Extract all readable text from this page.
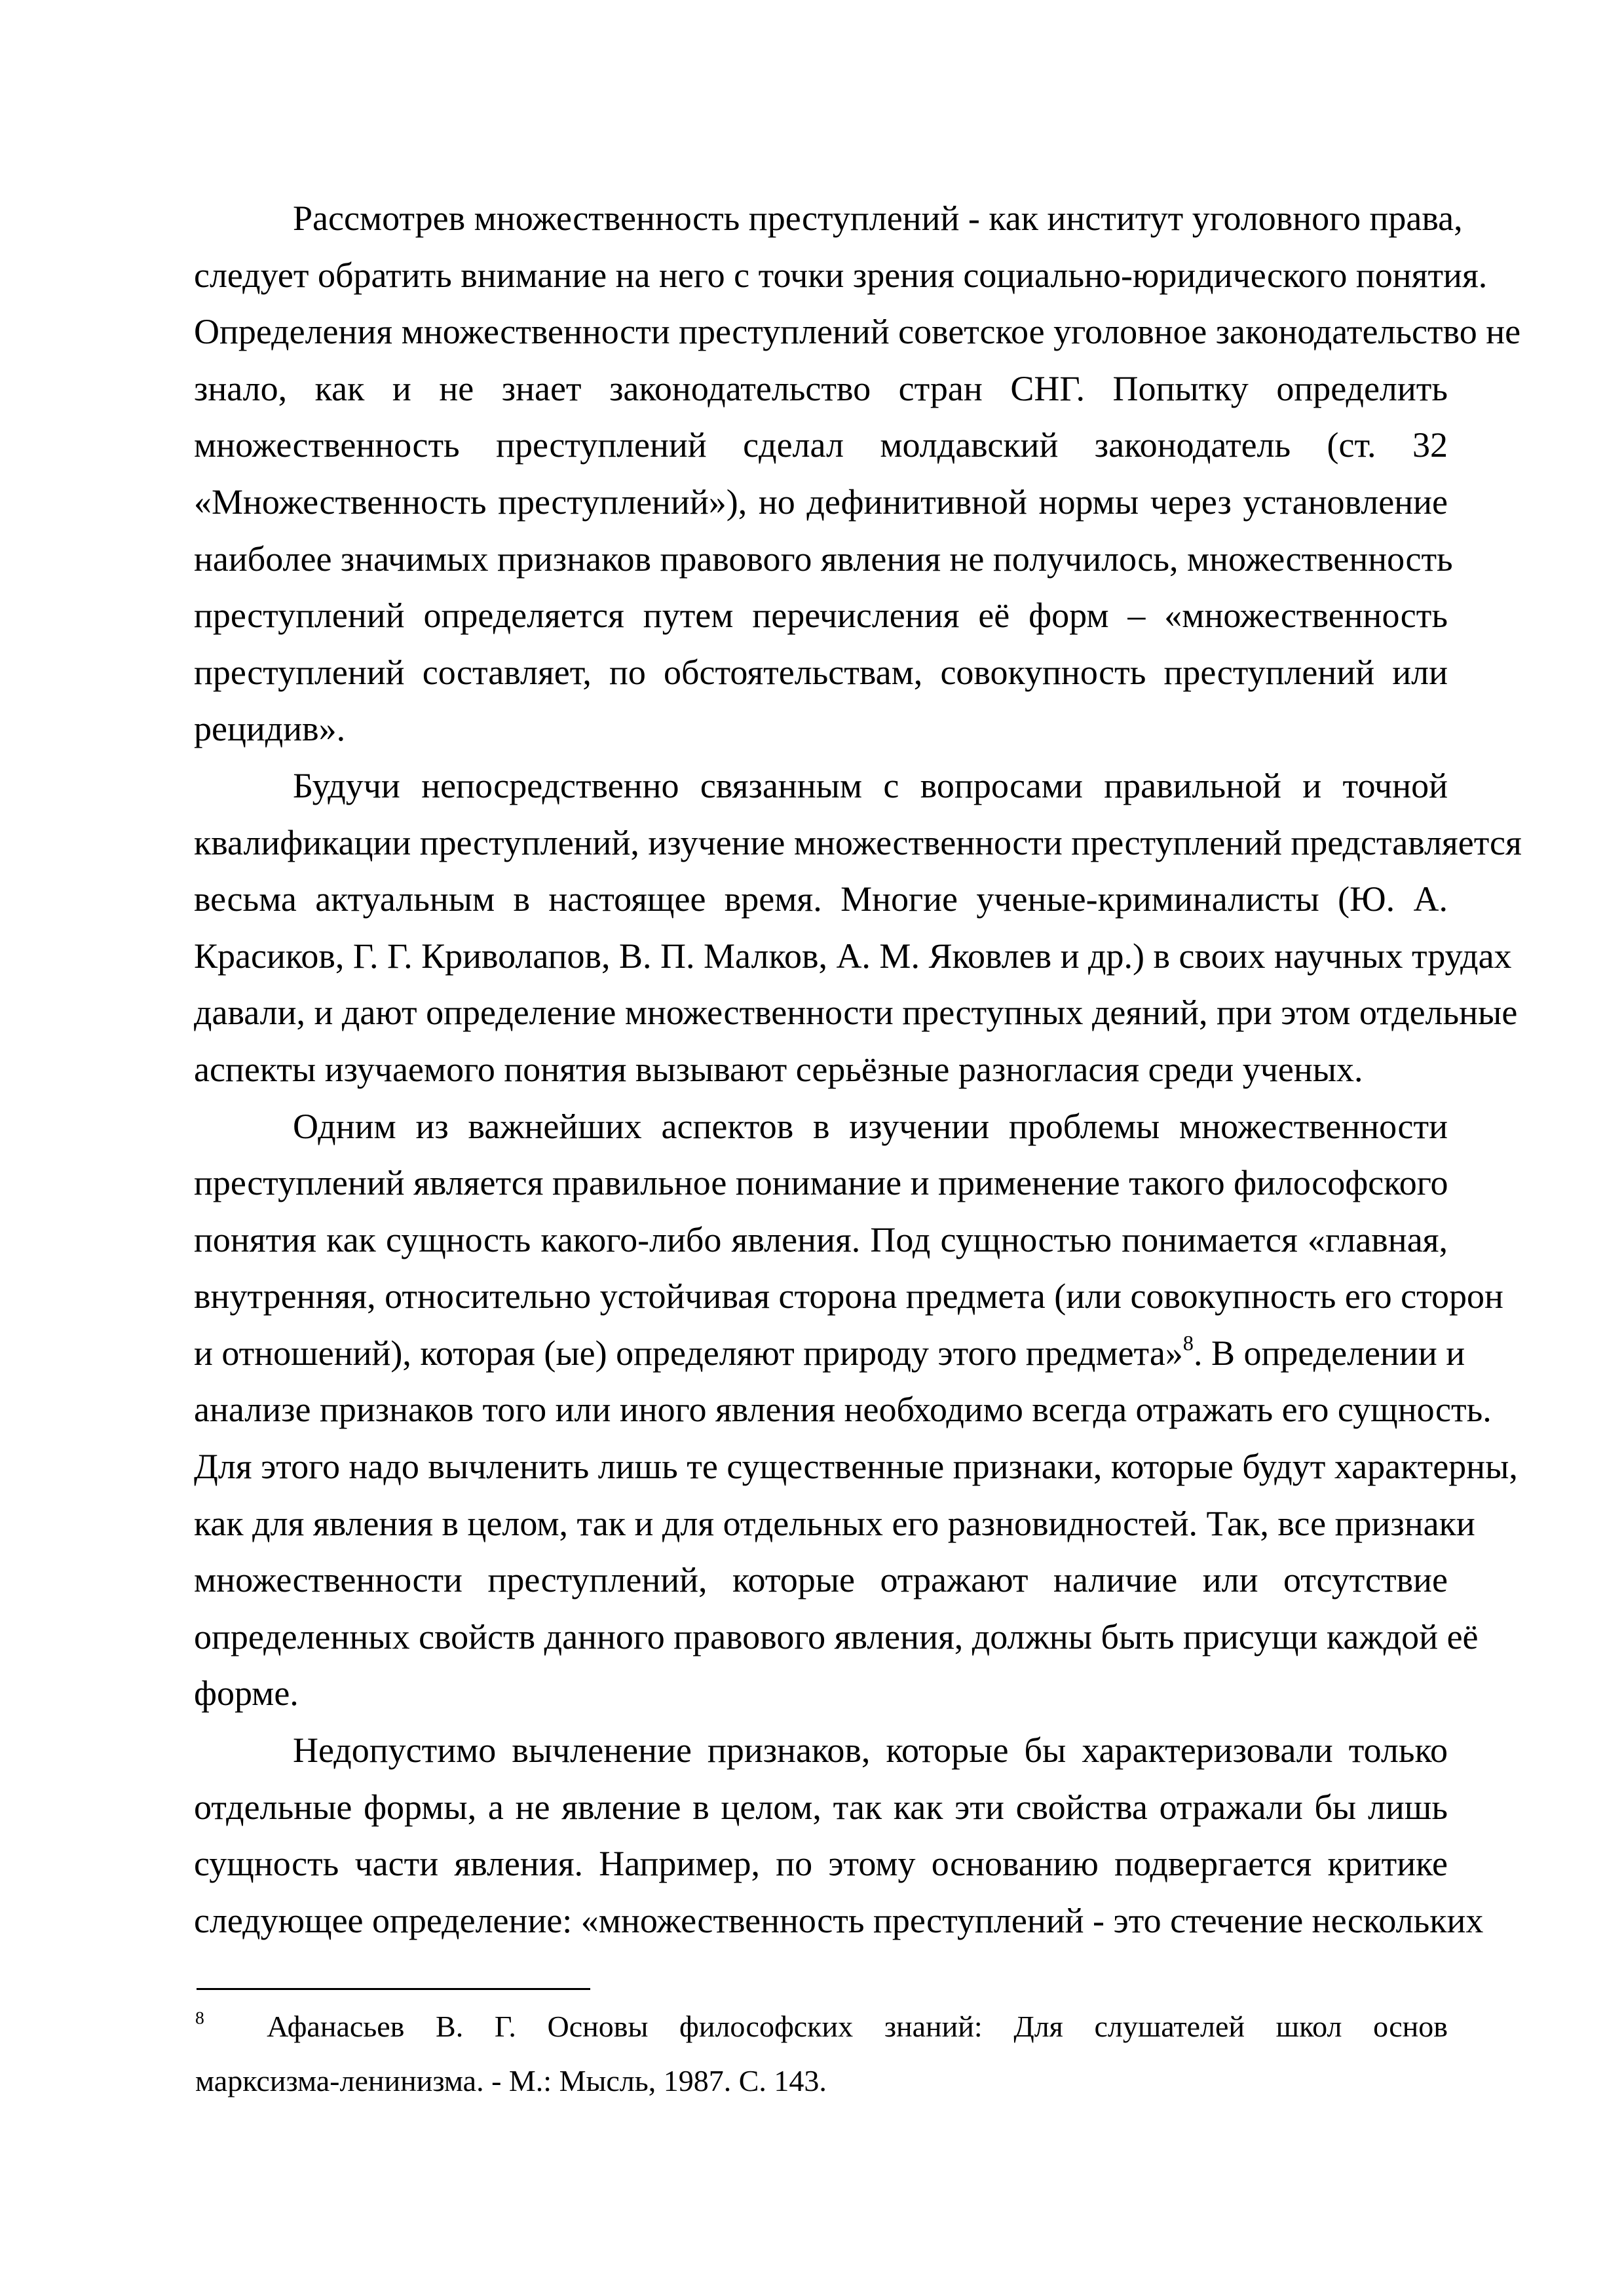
Рассмотрев множественность преступлений - как институт уголовного права,
следует обратить внимание на него с точки зрения социально-юридического понятия.
Определения множественности преступлений советское уголовное законодательство не
знало, как и не знает законодательство стран СНГ. Попытку определить
множественность преступлений сделал молдавский законодатель (ст. 32
«Множественность преступлений»), но дефинитивной нормы через установление
наиболее значимых признаков правового явления не получилось, множественность
преступлений определяется путем перечисления её форм – «множественность
преступлений составляет, по обстоятельствам, совокупность преступлений или
рецидив».
Будучи непосредственно связанным с вопросами правильной и точной
квалификации преступлений, изучение множественности преступлений представляется
весьма актуальным в настоящее время. Многие ученые-криминалисты (Ю. А.
Красиков, Г. Г. Криволапов, В. П. Малков, А. М. Яковлев и др.) в своих научных трудах
давали, и дают определение множественности преступных деяний, при этом отдельные
аспекты изучаемого понятия вызывают серьёзные разногласия среди ученых.
Одним из важнейших аспектов в изучении проблемы множественности
преступлений является правильное понимание и применение такого философского
понятия как сущность какого-либо явления. Под сущностью понимается «главная,
внутренняя, относительно устойчивая сторона предмета (или совокупность его сторон
и отношений), которая (ые) определяют природу этого предмета»$^8$. В определении и
анализе признаков того или иного явления необходимо всегда отражать его сущность.
Для этого надо вычленить лишь те существенные признаки, которые будут характерны,
как для явления в целом, так и для отдельных его разновидностей. Так, все признаки
множественности преступлений, которые отражают наличие или отсутствие
определенных свойств данного правового явления, должны быть присущи каждой её
форме.
Недопустимо вычленение признаков, которые бы характеризовали только
отдельные формы, а не явление в целом, так как эти свойства отражали бы лишь
сущность части явления. Например, по этому основанию подвергается критике
следующее определение: «множественность преступлений - это стечение нескольких
$^8$ Афанасьев В. Г. Основы философских знаний: Для слушателей школ основ
марксизма-ленинизма. - М.: Мысль, 1987. С. 143.
